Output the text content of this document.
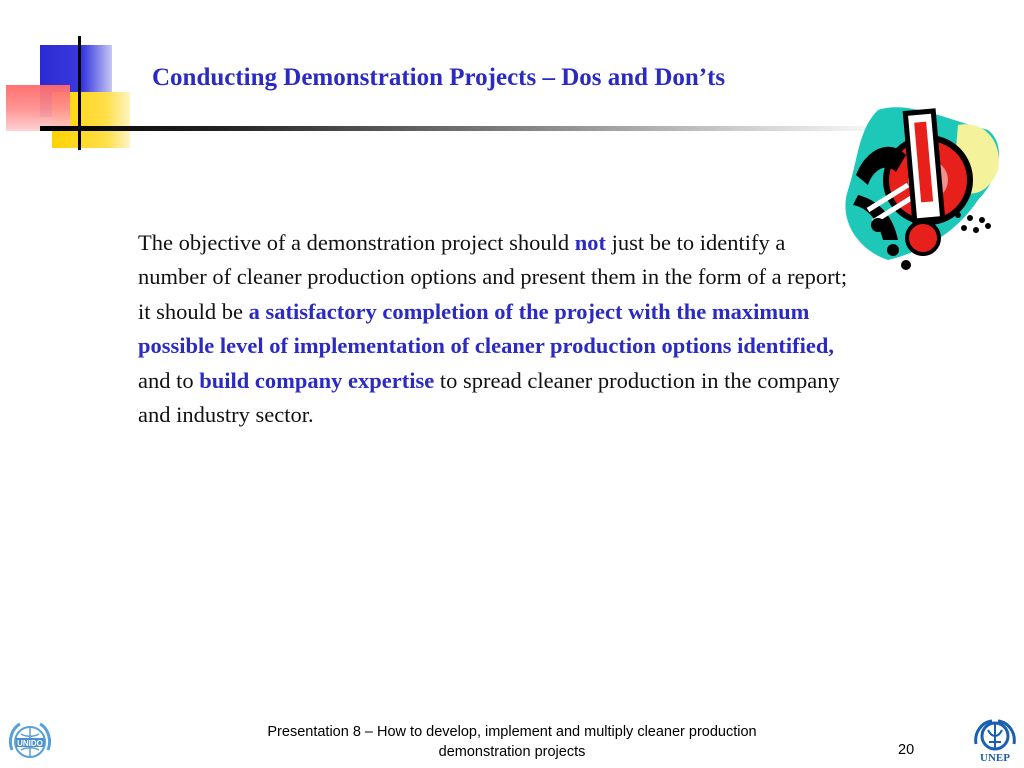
Conducting Demonstration Projects – Dos and Don’ts

The objective of a demonstration project should not just be to identify a number of cleaner production options and present them in the form of a report; it should be a satisfactory completion of the project with the maximum possible level of implementation of cleaner production options identified, and to build company expertise to spread cleaner production in the company and industry sector.

UNIDO
UNEP
Presentation 8 – How to develop, implement and multiply cleaner production demonstration projects	20
